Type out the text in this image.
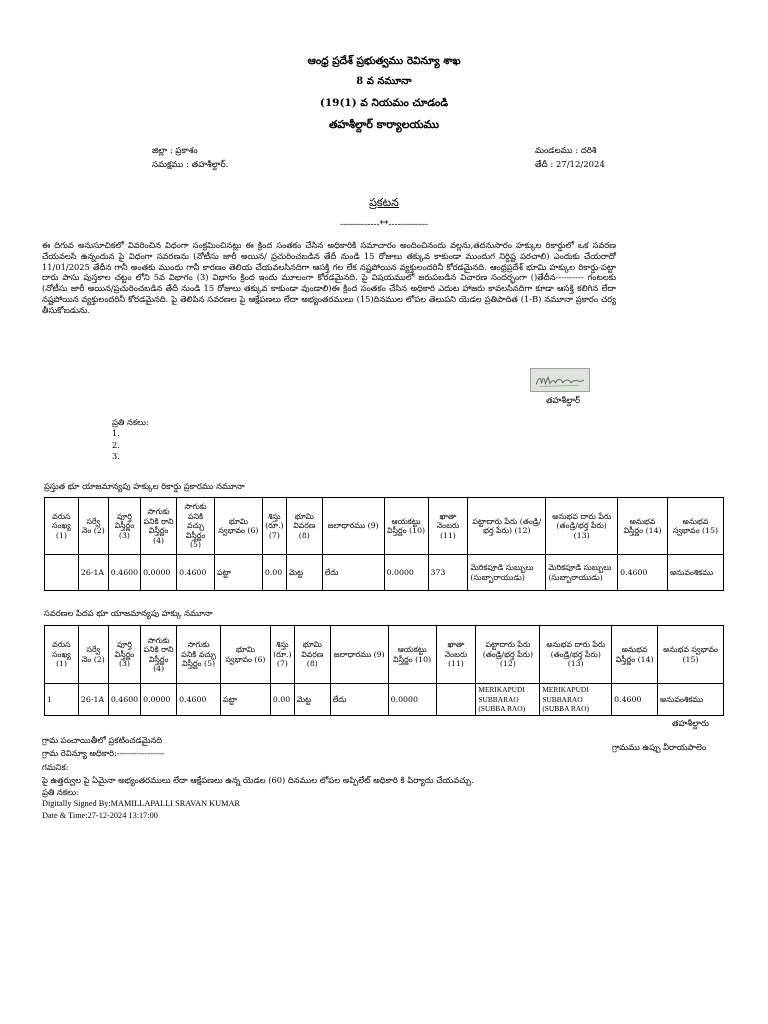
ఆంధ్ర ప్రదేశ్ ప్రభుత్వము రెవిన్యూ శాఖ
8 వ నమూనా
(19(1) వ నియమం చూడండి
తహశీల్దార్ కార్యాలయము
జిల్లా : ప్రకాశం	మండలము : దరిశి
సమక్షము : తహశీల్దార్.	తేదీ : 27/12/2024
ప్రకటన
-------------**-------------
ఈ దిగువ అనుసూచికలో వివరించిన విధంగా సంక్రమించినట్లు ఈ క్రింద సంతకం చేసిన అధికారికి సమాచారం అందించినందు వల్లను,తదనుసారం హక్కుల రికార్డులో ఒక సవరణ చేయవలసి ఉన్నందున పై విధంగా సవరణను (నోటీసు జారీ అయిన/ ప్రచురించబడిన తేదీ నుండి 15 రోజులు తక్కువ కాకుండా ముందుగ నిర్దిష్ట పరచాలి) ఎందుకు చేయరాదో 11/01/2025 తేదీన గానీ అంతకు ముందు గానీ కారణం తెలియ చేయవలసినదిగా ఆసక్తి గల లేక నష్టపోయిన వ్యక్తులందరినీ కోరడమైనది. ఆంధ్రప్రదేశ్ భూమి హక్కుల రికార్డు-పట్టా దారు పాసు పుస్తకాల చట్టం లోని 5వ విభాగం (3) విభాగం క్రింద ఇందు మూలంగా కోరడమైనది. పై విషయములో జరుపబడిన విచారణ సందర్భంగా ()తేదీన---------- గంటలకు (నోటీసు జారీ అయిన/ప్రచురించబడిన తేదీ నుండి 15 రోజులు తక్కువ కాకుండా వుండాలి)ఈ క్రింద సంతకం చేసిన అధికారి ఎదుట హాజరు కావలసినదిగా కూడా ఆసక్తి కలిగిన లేదా నష్టపోయిన వ్యక్తులందరినీ కోరడమైనది. పై తెలిపిన సవరణల పై ఆక్షేపణలు లేదా అభ్యంతరములు (15)దినముల లోపల తెలుపని యెడల ప్రతిపాదిత (1-B) నమూనా ప్రకారం చర్య తీసుకోబడును.
తహశీల్దార్
ప్రతి నకలు:
1.
2.
3.
ప్రస్తుత భూ యాజమాన్యపు హక్కుల రికార్డు ప్రకారము నమూనా
వరుస సంఖ్య (1)	సర్వే నెం (2)	పూర్తి విస్తీర్ణం (3)	సాగుకు పనికి రాని విస్తీర్ణం (4)	సాగుకు పనికి వచ్చు విస్తీర్ణం (5)	భూమి స్వభావం (6)	శిస్తు (రూ.) (7)	భూమి వివరణ (8)	జలాధారము (9)	ఆయకట్టు విస్తీర్ణం (10)	ఖాతా నెంబరు (11)	పట్టాదారు పేరు (తండ్రి/భర్త పేరు) (12)	అనుభవ దారు పేరు (తండ్రి/భర్త పేరు) (13)	అనుభవ విస్తీర్ణం (14)	అనుభవ స్వభావం (15)
	26-1A	0.4600	0.0000	0.4600	పట్టా	0.00	మెట్ట	లేదు	0.0000	373	మెరికపూడి సుబ్బులు (సుబ్బారాయుడు)	మెరికపూడి సుబ్బులు (సుబ్బారాయుడు)	0.4600	అనువంశికము
సవరణల పిదప భూ యాజమాన్యపు హక్కు నమూనా
వరుస సంఖ్య (1)	సర్వే నెం (2)	పూర్తి విస్తీర్ణం (3)	సాగుకు పనికి రాని విస్తీర్ణం (4)	సాగుకు పనికి వచ్చు విస్తీర్ణం (5)	భూమి స్వభావం (6)	శిస్తు (రూ.) (7)	భూమి వివరణ (8)	జలాధారము (9)	ఆయకట్టు విస్తీర్ణం (10)	ఖాతా నెంబరు (11)	పట్టాదారు పేరు (తండ్రి/భర్త పేరు) (12)	అనుభవ దారు పేరు (తండ్రి/భర్త పేరు) (13)	అనుభవ విస్తీర్ణం (14)	అనుభవ స్వభావం (15)
1	26-1A	0.4600	0.0000	0.4600	పట్టా	0.00	మెట్ట	లేదు	0.0000		MERIKAPUDI SUBBARAO (SUBBA RAO)	MERIKAPUDI SUBBARAO (SUBBA RAO)	0.4600	అనువంశికము
తహశీల్దారు
గ్రామ పంచాయితీలో ప్రకటించడమైనది
గ్రామము ఉప్పు వీరాయపాలెం
గ్రామ రెవిన్యూ అధికారి:-----------------
గమనిక:
పై ఉత్తర్వుల పై ఏమైనా అభ్యంతరములు లేదా ఆక్షేపణలు ఉన్న యెడల (60) దినముల లోపల అప్పిలేట్ అధికారి కి పిర్యాదు చేయవచ్చు.
ప్రతి నకలు:
Digitally Signed By:MAMILLAPALLI SRAVAN KUMAR
Date & Time:27-12-2024 13:17:00
